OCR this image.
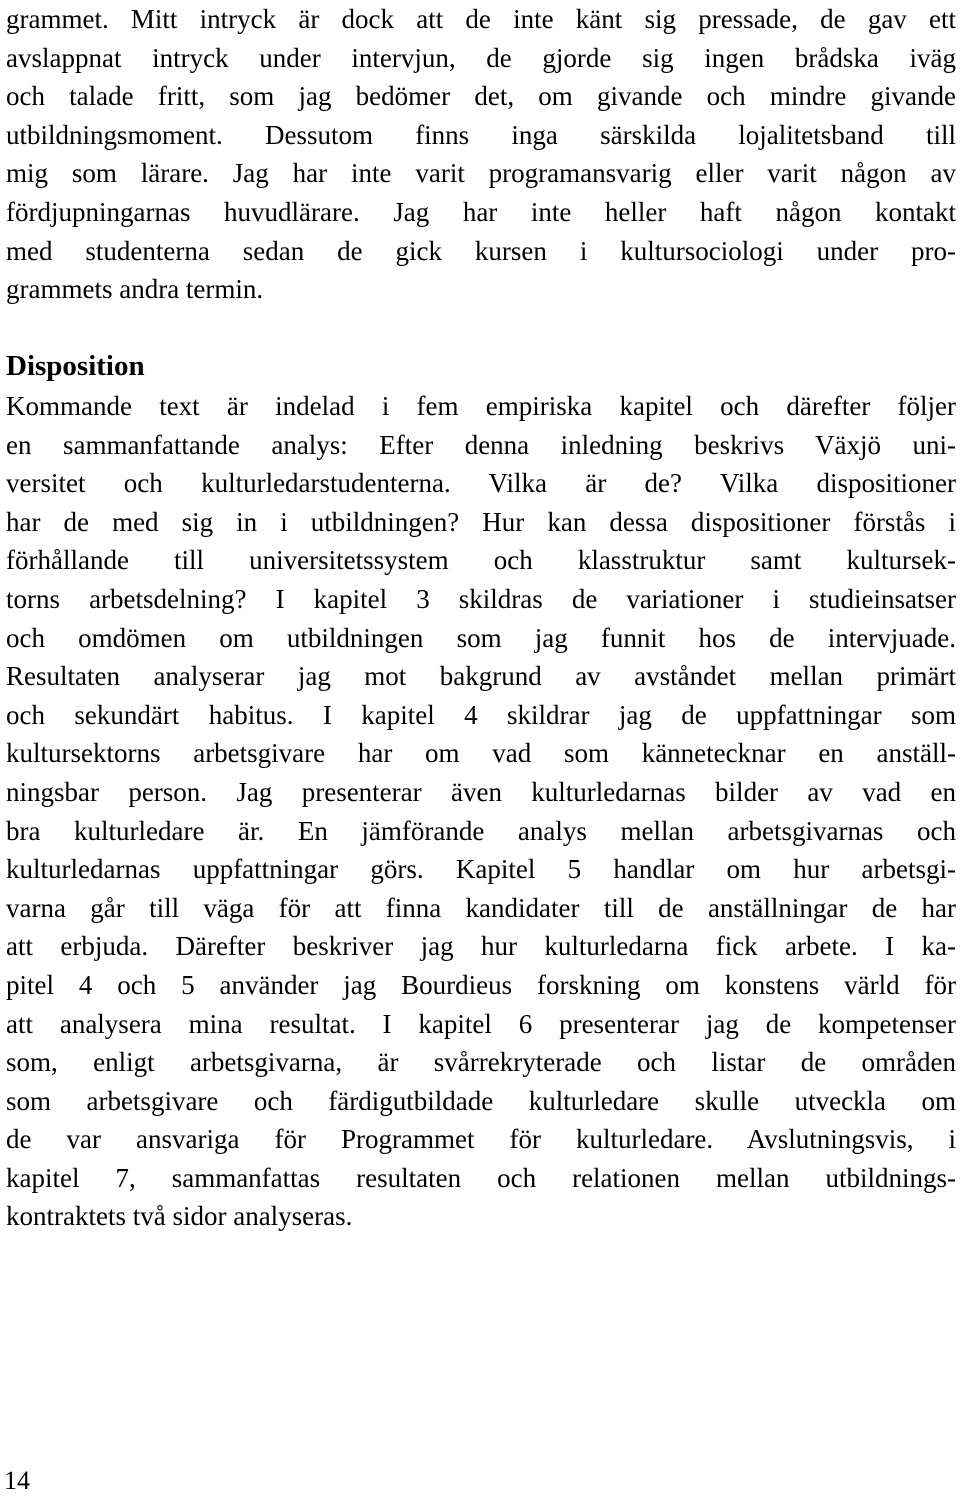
grammet. Mitt intryck är dock att de inte känt sig pressade, de gav ett
avslappnat intryck under intervjun, de gjorde sig ingen brådska iväg
och talade fritt, som jag bedömer det, om givande och mindre givande
utbildningsmoment. Dessutom finns inga särskilda lojalitetsband till
mig som lärare. Jag har inte varit programansvarig eller varit någon av
fördjupningarnas huvudlärare. Jag har inte heller haft någon kontakt
med studenterna sedan de gick kursen i kultursociologi under pro-
grammets andra termin.
Disposition
Kommande text är indelad i fem empiriska kapitel och därefter följer
en sammanfattande analys: Efter denna inledning beskrivs Växjö uni-
versitet och kulturledarstudenterna. Vilka är de? Vilka dispositioner
har de med sig in i utbildningen? Hur kan dessa dispositioner förstås i
förhållande till universitetssystem och klasstruktur samt kultursek-
torns arbetsdelning? I kapitel 3 skildras de variationer i studieinsatser
och omdömen om utbildningen som jag funnit hos de intervjuade.
Resultaten analyserar jag mot bakgrund av avståndet mellan primärt
och sekundärt habitus. I kapitel 4 skildrar jag de uppfattningar som
kultursektorns arbetsgivare har om vad som kännetecknar en anställ-
ningsbar person. Jag presenterar även kulturledarnas bilder av vad en
bra kulturledare är. En jämförande analys mellan arbetsgivarnas och
kulturledarnas uppfattningar görs. Kapitel 5 handlar om hur arbetsgi-
varna går till väga för att finna kandidater till de anställningar de har
att erbjuda. Därefter beskriver jag hur kulturledarna fick arbete. I ka-
pitel 4 och 5 använder jag Bourdieus forskning om konstens värld för
att analysera mina resultat. I kapitel 6 presenterar jag de kompetenser
som, enligt arbetsgivarna, är svårrekryterade och listar de områden
som arbetsgivare och färdigutbildade kulturledare skulle utveckla om
de var ansvariga för Programmet för kulturledare. Avslutningsvis, i
kapitel 7, sammanfattas resultaten och relationen mellan utbildnings-
kontraktets två sidor analyseras.
14
